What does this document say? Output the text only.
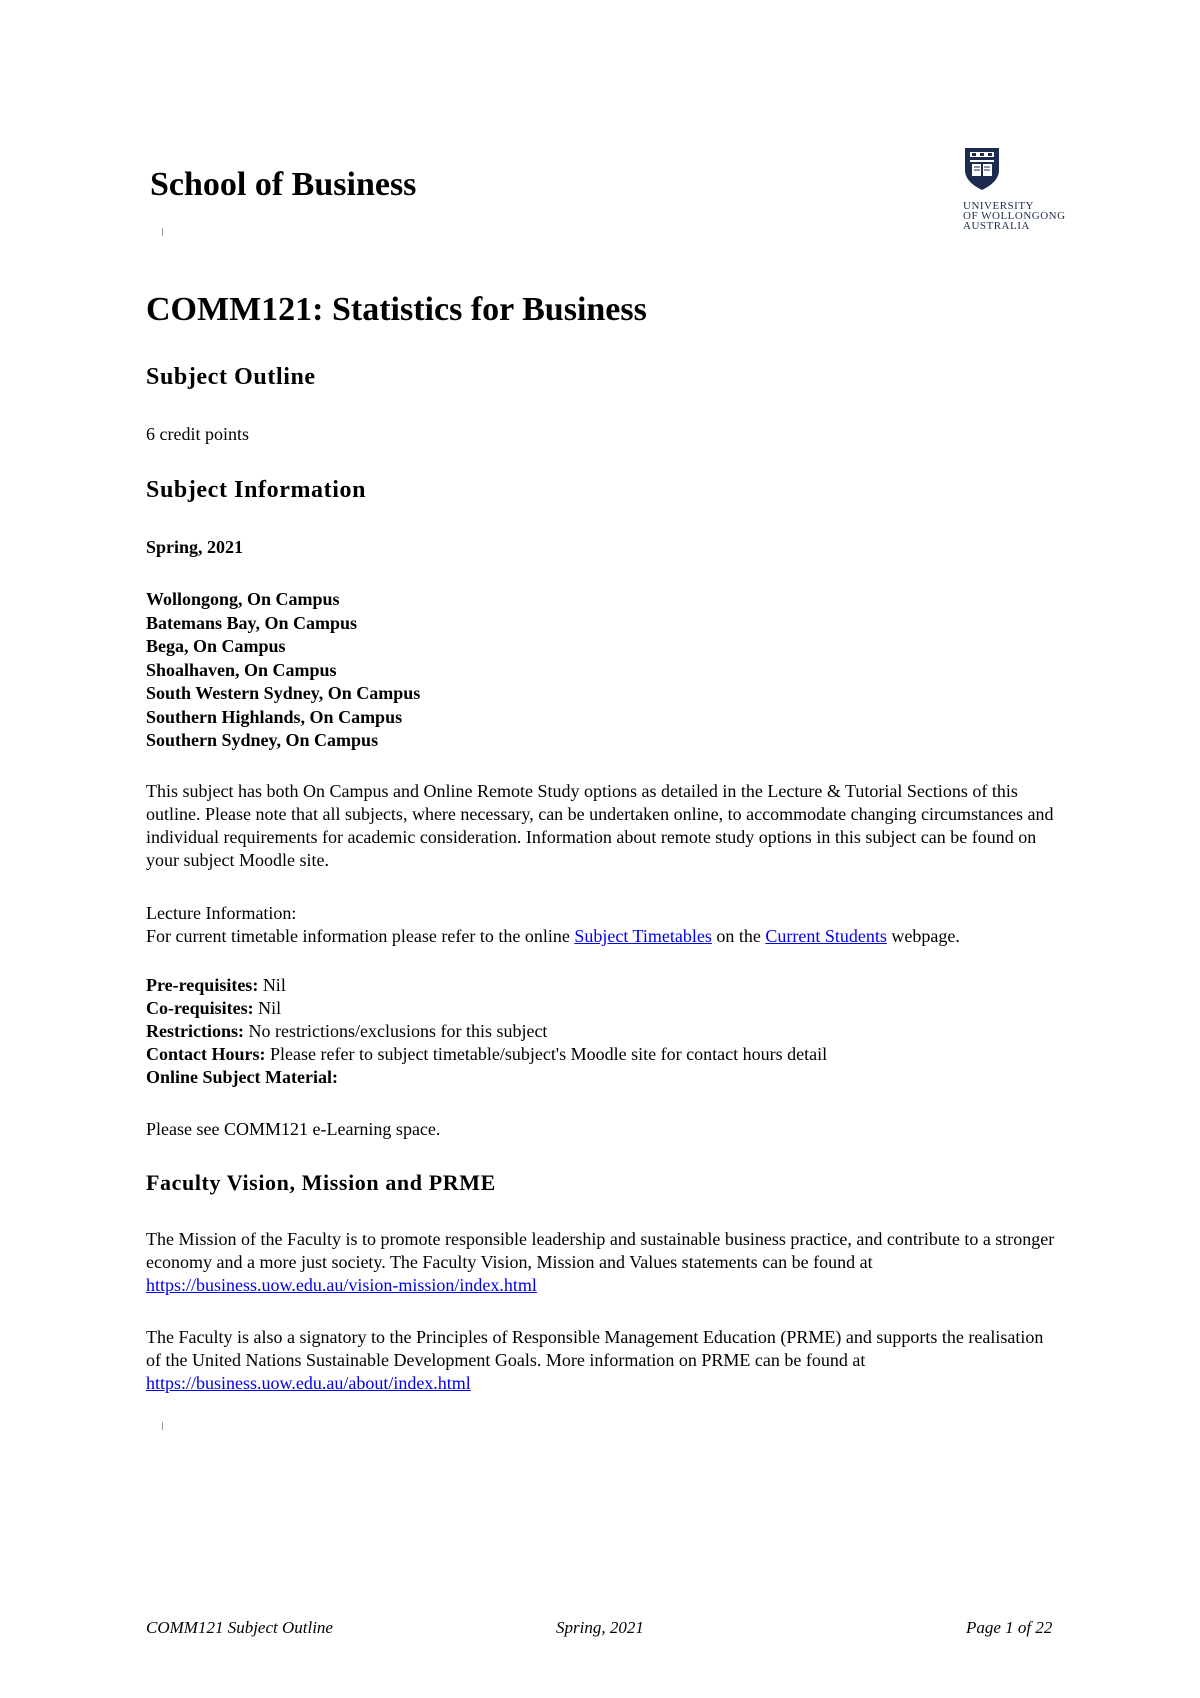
School of Business
UNIVERSITY
OF WOLLONGONG
AUSTRALIA
COMM121: Statistics for Business
Subject Outline
6 credit points
Subject Information
Spring, 2021
Wollongong, On Campus
Batemans Bay, On Campus
Bega, On Campus
Shoalhaven, On Campus
South Western Sydney, On Campus
Southern Highlands, On Campus
Southern Sydney, On Campus
This subject has both On Campus and Online Remote Study options as detailed in the Lecture & Tutorial Sections of this outline. Please note that all subjects, where necessary, can be undertaken online, to accommodate changing circumstances and individual requirements for academic consideration. Information about remote study options in this subject can be found on your subject Moodle site.
Lecture Information:
For current timetable information please refer to the online Subject Timetables on the Current Students webpage.
Pre-requisites: Nil
Co-requisites: Nil
Restrictions: No restrictions/exclusions for this subject
Contact Hours: Please refer to subject timetable/subject's Moodle site for contact hours detail
Online Subject Material:
Please see COMM121 e-Learning space.
Faculty Vision, Mission and PRME
The Mission of the Faculty is to promote responsible leadership and sustainable business practice, and contribute to a stronger economy and a more just society. The Faculty Vision, Mission and Values statements can be found at https://business.uow.edu.au/vision-mission/index.html
The Faculty is also a signatory to the Principles of Responsible Management Education (PRME) and supports the realisation of the United Nations Sustainable Development Goals. More information on PRME can be found at https://business.uow.edu.au/about/index.html
COMM121 Subject Outline	Spring, 2021	Page 1 of 22
